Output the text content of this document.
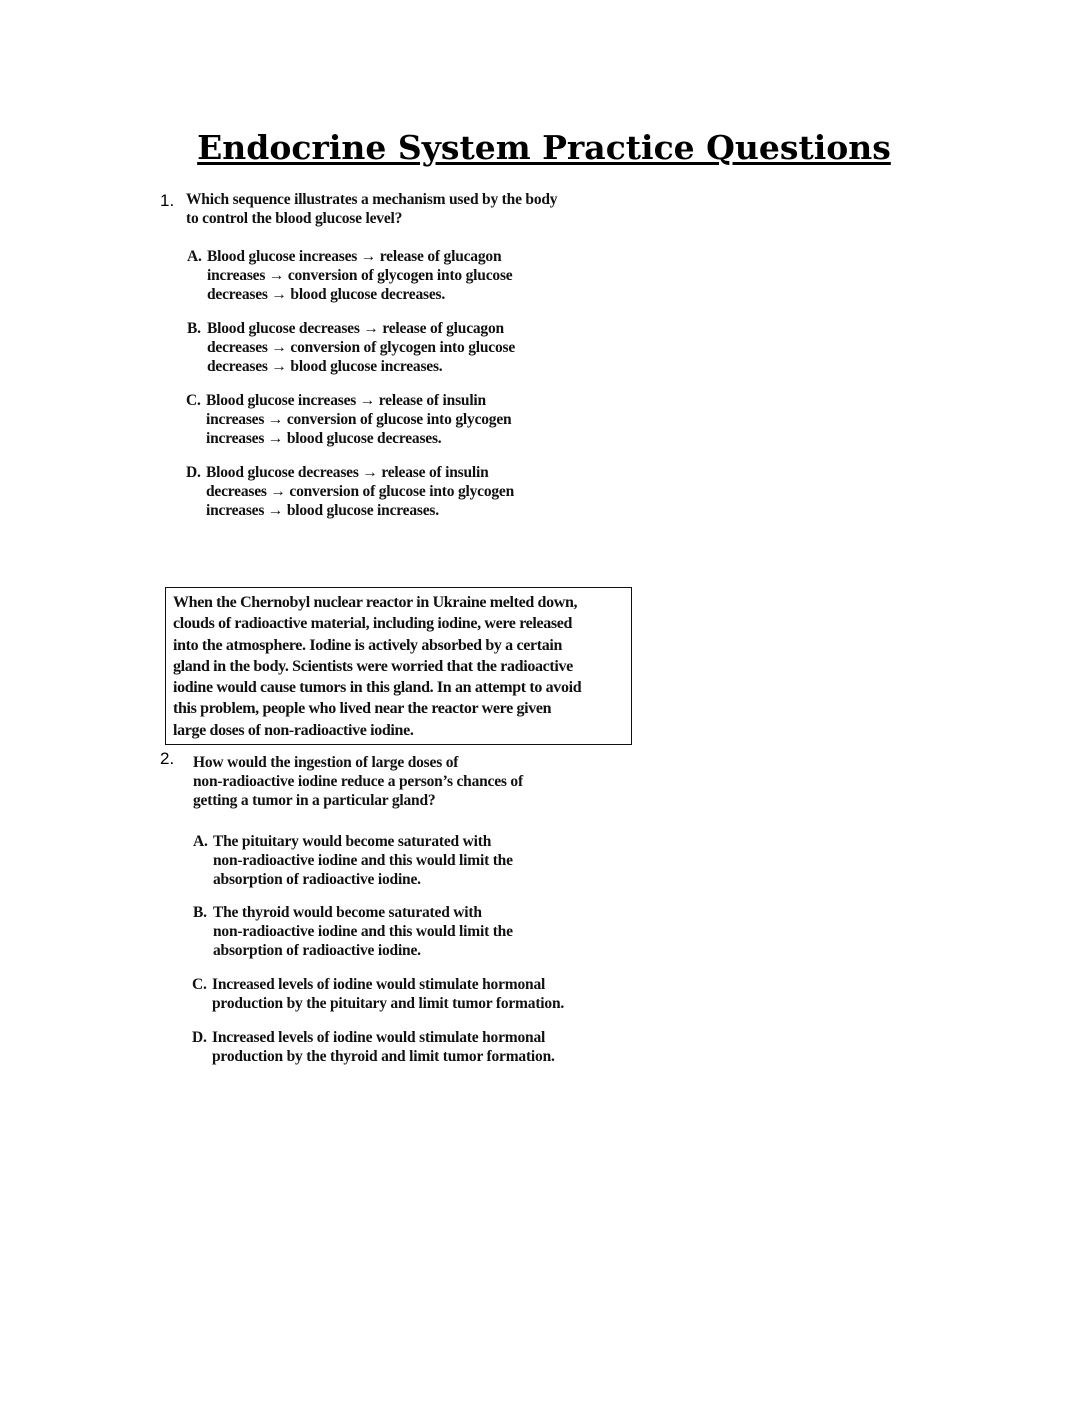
Endocrine System Practice Questions
1. Which sequence illustrates a mechanism used by the body
to control the blood glucose level?
A. Blood glucose increases → release of glucagon
increases → conversion of glycogen into glucose
decreases → blood glucose decreases.
B. Blood glucose decreases → release of glucagon
decreases → conversion of glycogen into glucose
decreases → blood glucose increases.
C. Blood glucose increases → release of insulin
increases → conversion of glucose into glycogen
increases → blood glucose decreases.
D. Blood glucose decreases → release of insulin
decreases → conversion of glucose into glycogen
increases → blood glucose increases.
When the Chernobyl nuclear reactor in Ukraine melted down,
clouds of radioactive material, including iodine, were released
into the atmosphere. Iodine is actively absorbed by a certain
gland in the body. Scientists were worried that the radioactive
iodine would cause tumors in this gland. In an attempt to avoid
this problem, people who lived near the reactor were given
large doses of non-radioactive iodine.
2. How would the ingestion of large doses of
non-radioactive iodine reduce a person’s chances of
getting a tumor in a particular gland?
A. The pituitary would become saturated with
non-radioactive iodine and this would limit the
absorption of radioactive iodine.
B. The thyroid would become saturated with
non-radioactive iodine and this would limit the
absorption of radioactive iodine.
C. Increased levels of iodine would stimulate hormonal
production by the pituitary and limit tumor formation.
D. Increased levels of iodine would stimulate hormonal
production by the thyroid and limit tumor formation.
